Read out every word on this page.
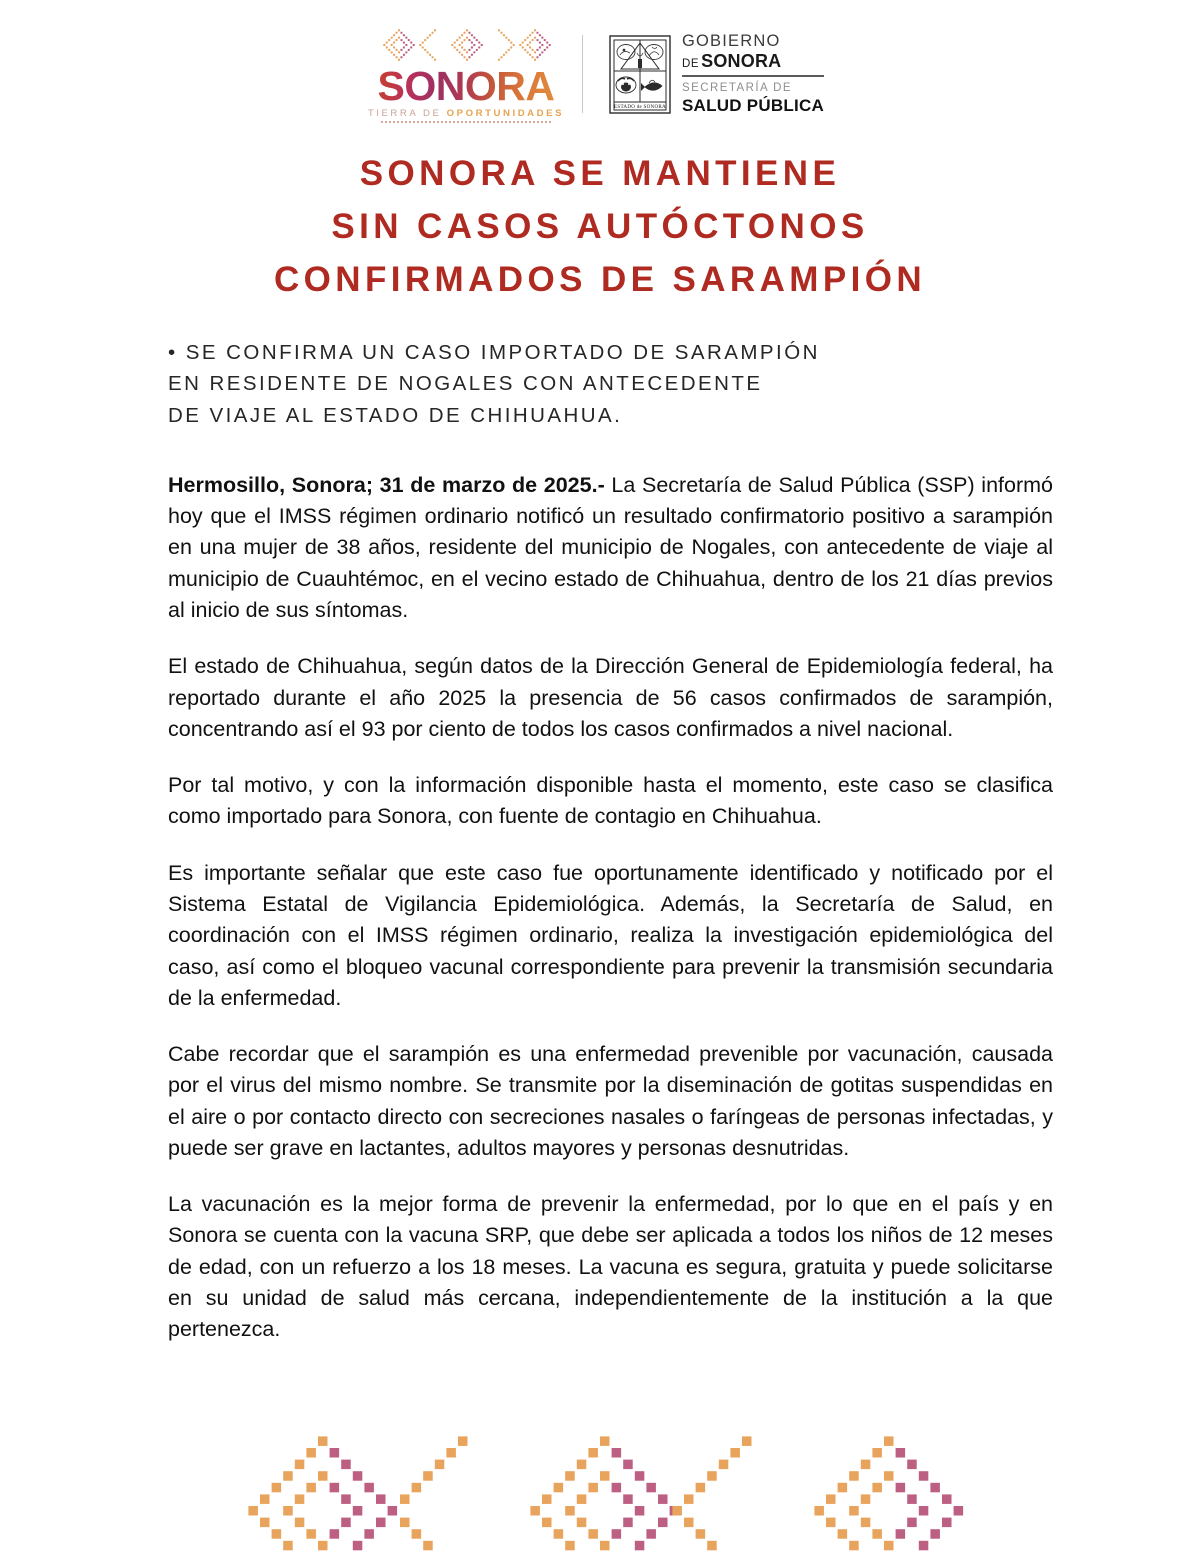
SONORA
TIERRA DE OPORTUNIDADES
ESTADO de SONORA
GOBIERNO
DE SONORA
SECRETARÍA DE
SALUD PÚBLICA
SONORA SE MANTIENE
SIN CASOS AUTÓCTONOS
CONFIRMADOS DE SARAMPIÓN
• SE CONFIRMA UN CASO IMPORTADO DE SARAMPIÓN
EN RESIDENTE DE NOGALES CON ANTECEDENTE
DE VIAJE AL ESTADO DE CHIHUAHUA.

Hermosillo, Sonora; 31 de marzo de 2025.- La Secretaría de Salud Pública (SSP) informó hoy que el IMSS régimen ordinario notificó un resultado confirmatorio positivo a sarampión en una mujer de 38 años, residente del municipio de Nogales, con antecedente de viaje al municipio de Cuauhtémoc, en el vecino estado de Chihuahua, dentro de los 21 días previos al inicio de sus síntomas.

El estado de Chihuahua, según datos de la Dirección General de Epidemiología federal, ha reportado durante el año 2025 la presencia de 56 casos confirmados de sarampión, concentrando así el 93 por ciento de todos los casos confirmados a nivel nacional.

Por tal motivo, y con la información disponible hasta el momento, este caso se clasifica como importado para Sonora, con fuente de contagio en Chihuahua.

Es importante señalar que este caso fue oportunamente identificado y notificado por el Sistema Estatal de Vigilancia Epidemiológica. Además, la Secretaría de Salud, en coordinación con el IMSS régimen ordinario, realiza la investigación epidemiológica del caso, así como el bloqueo vacunal correspondiente para prevenir la transmisión secundaria de la enfermedad.

Cabe recordar que el sarampión es una enfermedad prevenible por vacunación, causada por el virus del mismo nombre. Se transmite por la diseminación de gotitas suspendidas en el aire o por contacto directo con secreciones nasales o faríngeas de personas infectadas, y puede ser grave en lactantes, adultos mayores y personas desnutridas.

La vacunación es la mejor forma de prevenir la enfermedad, por lo que en el país y en Sonora se cuenta con la vacuna SRP, que debe ser aplicada a todos los niños de 12 meses de edad, con un refuerzo a los 18 meses. La vacuna es segura, gratuita y puede solicitarse en su unidad de salud más cercana, independientemente de la institución a la que pertenezca.
